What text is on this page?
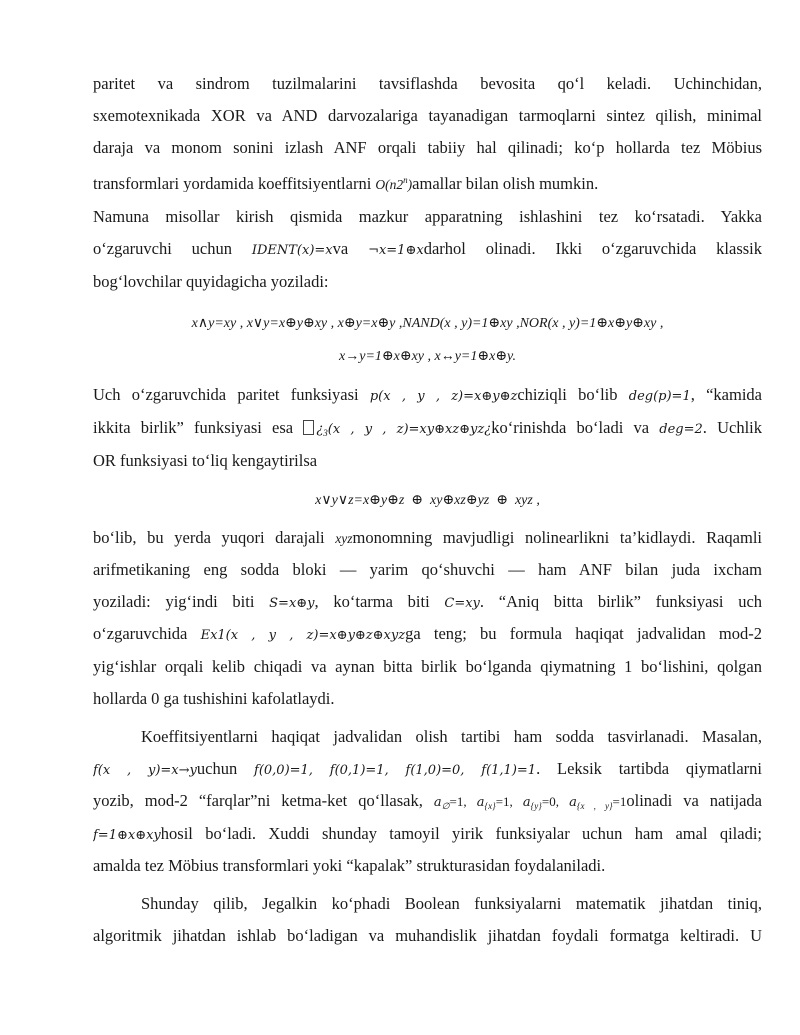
paritet va sindrom tuzilmalarini tavsiflashda bevosita qo‘l keladi. Uchinchidan,
sxemotexnikada XOR va AND darvozalariga tayanadigan tarmoqlarni sintez qilish, minimal
daraja va monom sonini izlash ANF orqali tabiiy hal qilinadi; ko‘p hollarda tez Möbius
transformlari yordamida koeffitsiyentlarni O(n2$^n$)amallar bilan olish mumkin.
Namuna misollar kirish qismida mazkur apparatning ishlashini tez ko‘rsatadi. Yakka
o‘zgaruvchi uchun IDENT(x)=xva ¬x=1⊕xdarhol olinadi. Ikki o‘zgaruvchida klassik
bog‘lovchilar quyidagicha yoziladi:
x∧y=xy , x∨y=x⊕y⊕xy , x⊕y=x⊕y ,NAND(x , y)=1⊕xy ,NOR(x , y)=1⊕x⊕y⊕xy ,
x→y=1⊕x⊕xy , x↔y=1⊕x⊕y.
Uch o‘zgaruvchida paritet funksiyasi p(x , y , z)=x⊕y⊕zchiziqli bo‘lib deg(p)=1, “kamida
ikkita birlik” funksiyasi esa ¿$_3(x$ , y , z)=xy⊕xz⊕yz¿ko‘rinishda bo‘ladi va deg=2. Uchlik
OR funksiyasi to‘liq kengaytirilsa
x∨y∨z=x⊕y⊕z  ⊕  xy⊕xz⊕yz  ⊕  xyz ,
bo‘lib, bu yerda yuqori darajali xyzmonomning mavjudligi nolinearlikni ta’kidlaydi. Raqamli
arifmetikaning eng sodda bloki — yarim qo‘shuvchi — ham ANF bilan juda ixcham
yoziladi: yig‘indi biti S=x⊕y, ko‘tarma biti C=xy. “Aniq bitta birlik” funksiyasi uch
o‘zgaruvchida Ex1(x , y , z)=x⊕y⊕z⊕xyzga teng; bu formula haqiqat jadvalidan mod-2
yig‘ishlar orqali kelib chiqadi va aynan bitta birlik bo‘lganda qiymatning 1 bo‘lishini, qolgan
hollarda 0 ga tushishini kafolatlaydi.
Koeffitsiyentlarni haqiqat jadvalidan olish tartibi ham sodda tasvirlanadi. Masalan,
f(x , y)=x→yuchun f(0,0)=1, f(0,1)=1, f(1,0)=0, f(1,1)=1. Leksik tartibda qiymatlarni
yozib, mod-2 “farqlar”ni ketma-ket qo‘llasak, $a_\emptyset=1$, $a_{\{x\}}=1$, $a_{\{y\}}=0$, $a_{\{x , y\}}=1olinadi$ va natijada
f=1⊕x⊕xyhosil bo‘ladi. Xuddi shunday tamoyil yirik funksiyalar uchun ham amal qiladi;
amalda tez Möbius transformlari yoki “kapalak” strukturasidan foydalaniladi.
Shunday qilib, Jegalkin ko‘phadi Boolean funksiyalarni matematik jihatdan tiniq,
algoritmik jihatdan ishlab bo‘ladigan va muhandislik jihatdan foydali formatga keltiradi. U
